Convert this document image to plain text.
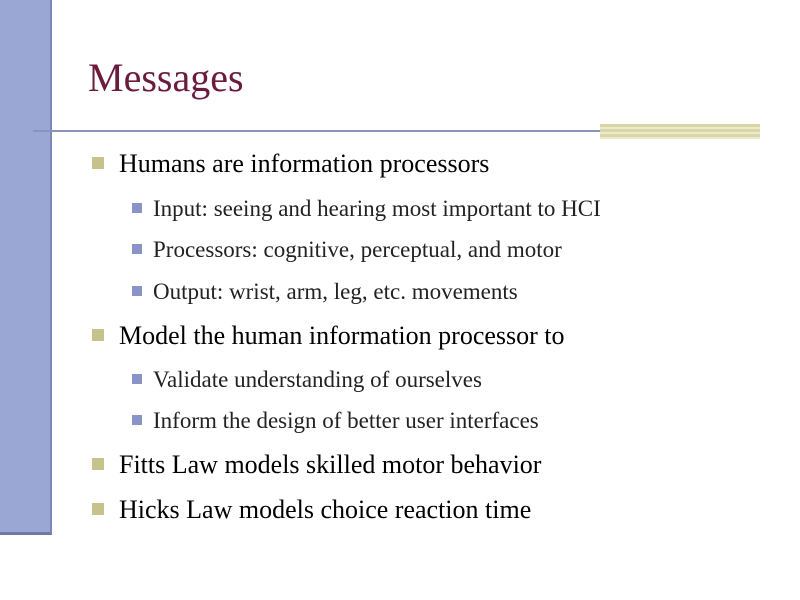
Messages
Humans are information processors
Input: seeing and hearing most important to HCI
Processors: cognitive, perceptual, and motor
Output: wrist, arm, leg, etc. movements
Model the human information processor to
Validate understanding of ourselves
Inform the design of better user interfaces
Fitts Law models skilled motor behavior
Hicks Law models choice reaction time
